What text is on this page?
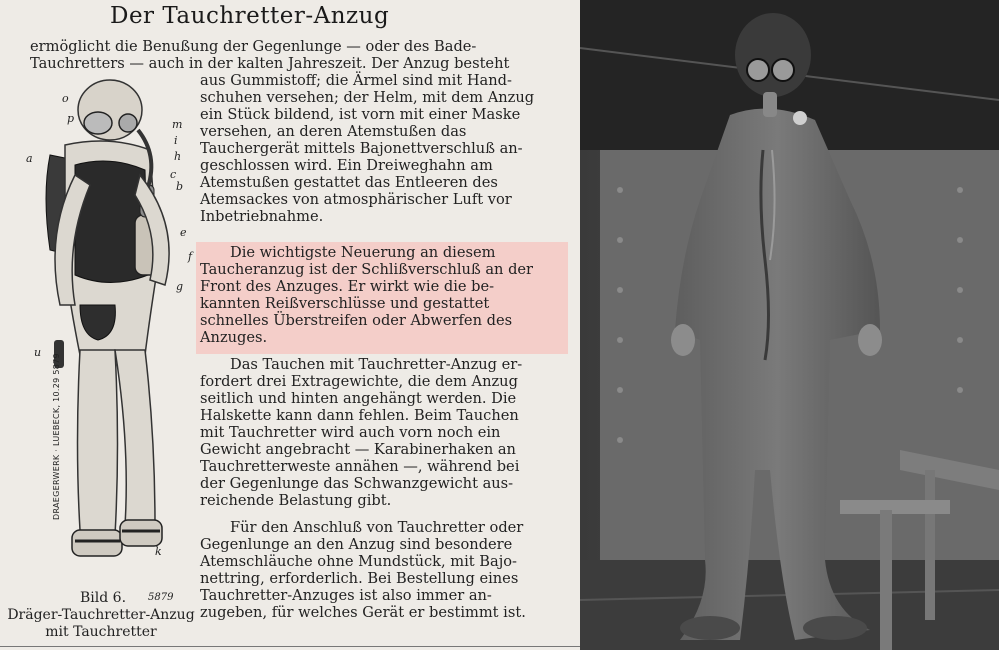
Der Tauchretter-Anzug
o
p	m
i
a	h
c
b
e
f
g
u
k
DRAEGERWERK · LUEBECK, 10.29 5879
Bild 6. 5879
Dräger-Tauchretter-Anzug
mit Tauchretter
ermöglicht die Benußung der Gegenlunge — oder des Bade-
Tauchretters — auch in der kalten Jahreszeit. Der Anzug besteht
aus Gummistoff; die Ärmel sind mit Hand-
schuhen versehen; der Helm, mit dem Anzug
ein Stück bildend, ist vorn mit einer Maske
versehen, an deren Atemstußen das
Tauchergerät mittels Bajonettverschluß an-
geschlossen wird. Ein Dreiweghahn am
Atemstußen gestattet das Entleeren des
Atemsackes von atmosphärischer Luft vor
Inbetriebnahme.
Die wichtigste Neuerung an diesem
Taucheranzug ist der Schlißverschluß an der
Front des Anzuges. Er wirkt wie die be-
kannten Reißverschlüsse und gestattet
schnelles Überstreifen oder Abwerfen des
Anzuges.
Das Tauchen mit Tauchretter-Anzug er-
fordert drei Extragewichte, die dem Anzug
seitlich und hinten angehängt werden. Die
Halskette kann dann fehlen. Beim Tauchen
mit Tauchretter wird auch vorn noch ein
Gewicht angebracht — Karabinerhaken an
Tauchretterweste annähen —, während bei
der Gegenlunge das Schwanzgewicht aus-
reichende Belastung gibt.
Für den Anschluß von Tauchretter oder
Gegenlunge an den Anzug sind besondere
Atemschläuche ohne Mundstück, mit Bajo-
nettring, erforderlich. Bei Bestellung eines
Tauchretter-Anzuges ist also immer an-
zugeben, für welches Gerät er bestimmt ist.
